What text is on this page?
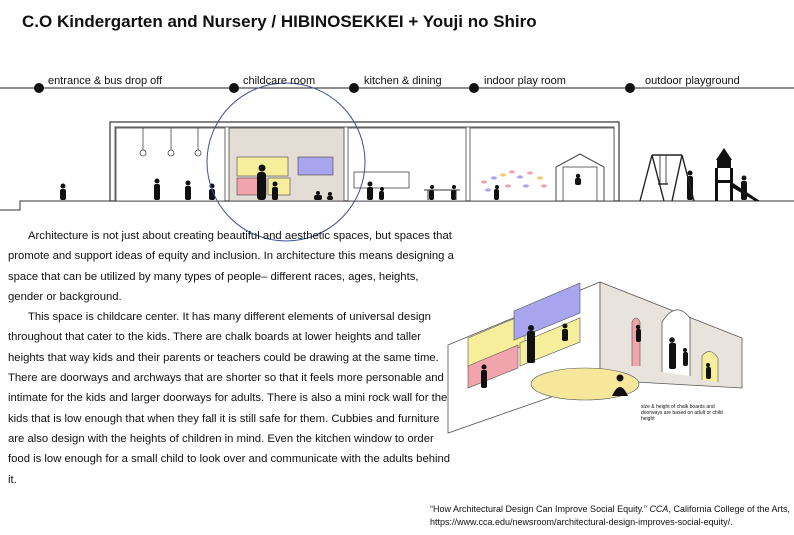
C.O Kindergarten and Nursery / HIBINOSEKKEI + Youji no Shiro
entrance & bus drop off	childcare room	kitchen & dining	indoor play room	outdoor playground

Architecture is not just about creating beautiful and aesthetic spaces, but spaces that promote and support ideas of equity and inclusion. In architecture this means designing a space that can be utilized by many types of people– different races, ages, heights, gender or background.

This space is childcare center. It has many different elements of universal design throughout that cater to the kids. There are chalk boards at lower heights and taller heights that way kids and their parents or teachers could be drawing at the same time. There are doorways and archways that are shorter so that it feels more personable and intimate for the kids and larger doorways for adults. There is also a mini rock wall for the kids that is low enough that when they fall it is still safe for them. Cubbies and furniture are also design with the heights of children in mind. Even the kitchen window to order food is low enough for a small child to look over and communicate with the adults behind it.

size & height of chalk boards and doorways are based on adult or child height
“How Architectural Design Can Improve Social Equity.” CCA, California College of the Arts,
https://www.cca.edu/newsroom/architectural-design-improves-social-equity/.
